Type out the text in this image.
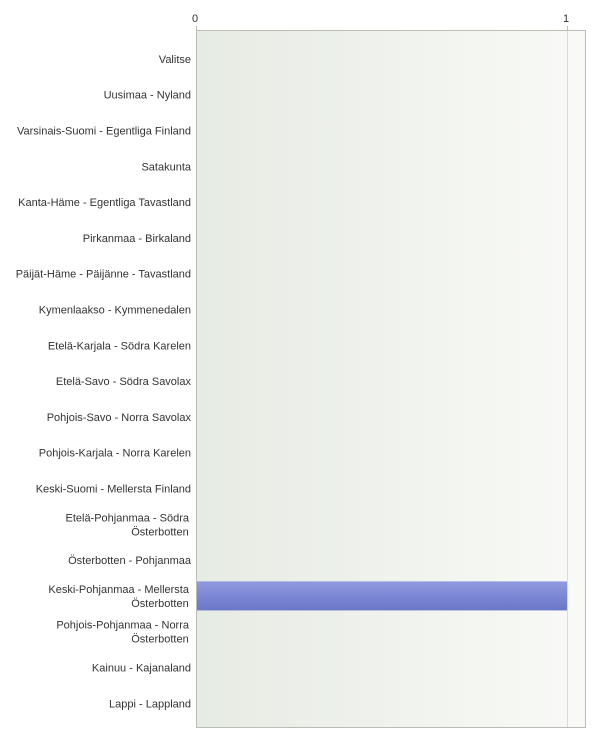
0	1
Valitse
Uusimaa - Nyland
Varsinais-Suomi - Egentliga Finland
Satakunta
Kanta-Häme - Egentliga Tavastland
Pirkanmaa - Birkaland
Päijät-Häme - Päijänne - Tavastland
Kymenlaakso - Kymmenedalen
Etelä-Karjala - Södra Karelen
Etelä-Savo - Södra Savolax
Pohjois-Savo - Norra Savolax
Pohjois-Karjala - Norra Karelen
Keski-Suomi - Mellersta Finland
Etelä-Pohjanmaa - Södra Österbotten
Österbotten - Pohjanmaa
Keski-Pohjanmaa - Mellersta Österbotten
Pohjois-Pohjanmaa - Norra Österbotten
Kainuu - Kajanaland
Lappi - Lappland
